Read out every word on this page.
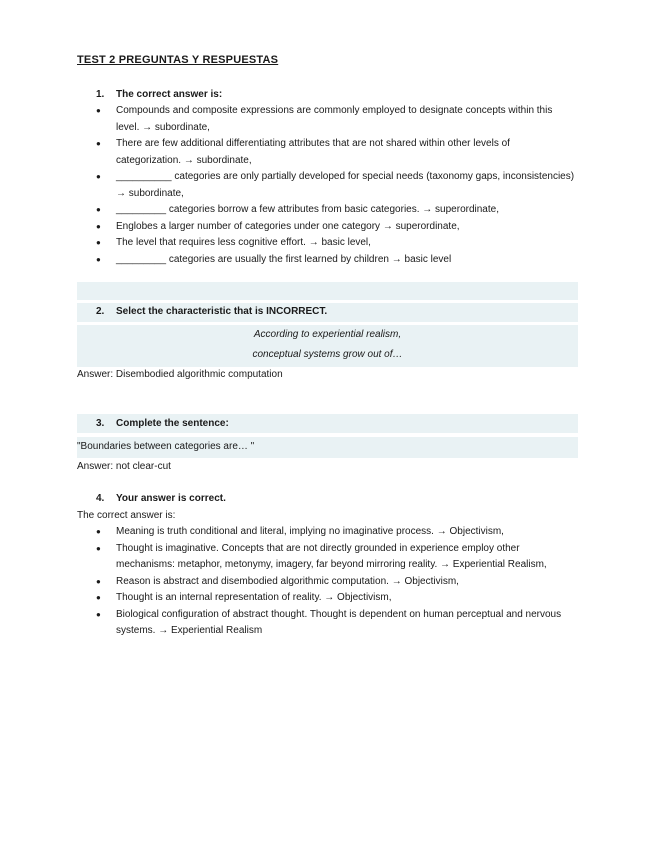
TEST 2 PREGUNTAS Y RESPUESTAS

1. The correct answer is:

● Compounds and composite expressions are commonly employed to designate concepts within this level. → subordinate,
● There are few additional differentiating attributes that are not shared within other levels of categorization. → subordinate,
● __________ categories are only partially developed for special needs (taxonomy gaps, inconsistencies) → subordinate,
● _________ categories borrow a few attributes from basic categories. → superordinate,
● Englobes a larger number of categories under one category → superordinate,
● The level that requires less cognitive effort. → basic level,
● _________ categories are usually the first learned by children → basic level

2. Select the characteristic that is INCORRECT.

According to experiential realism,
conceptual systems grow out of…

Answer: Disembodied algorithmic computation

3. Complete the sentence:

"Boundaries between categories are… "

Answer: not clear-cut

4. Your answer is correct.

The correct answer is:

● Meaning is truth conditional and literal, implying no imaginative process. → Objectivism,
● Thought is imaginative. Concepts that are not directly grounded in experience employ other mechanisms: metaphor, metonymy, imagery, far beyond mirroring reality. → Experiential Realism,
● Reason is abstract and disembodied algorithmic computation. → Objectivism,
● Thought is an internal representation of reality. → Objectivism,
● Biological configuration of abstract thought. Thought is dependent on human perceptual and nervous systems. → Experiential Realism
